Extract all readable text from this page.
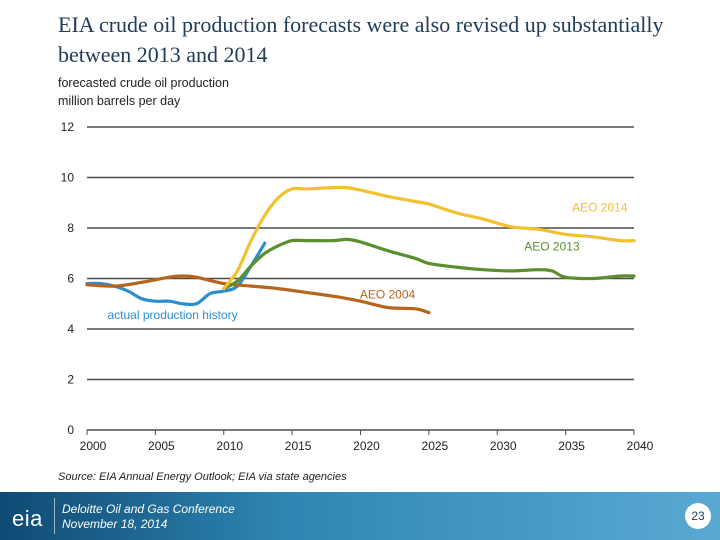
EIA crude oil production forecasts were also revised up substantially between 2013 and 2014
forecasted crude oil production
million barrels per day
0
2
4
6
8
10
12
2000	2005	2010	2015	2020	2025	2030	2035	2040
AEO 2014
AEO 2013
AEO 2004
actual production history
Source: EIA Annual Energy Outlook; EIA via state agencies
eia Deloitte Oil and Gas Conference
November 18, 2014
23
